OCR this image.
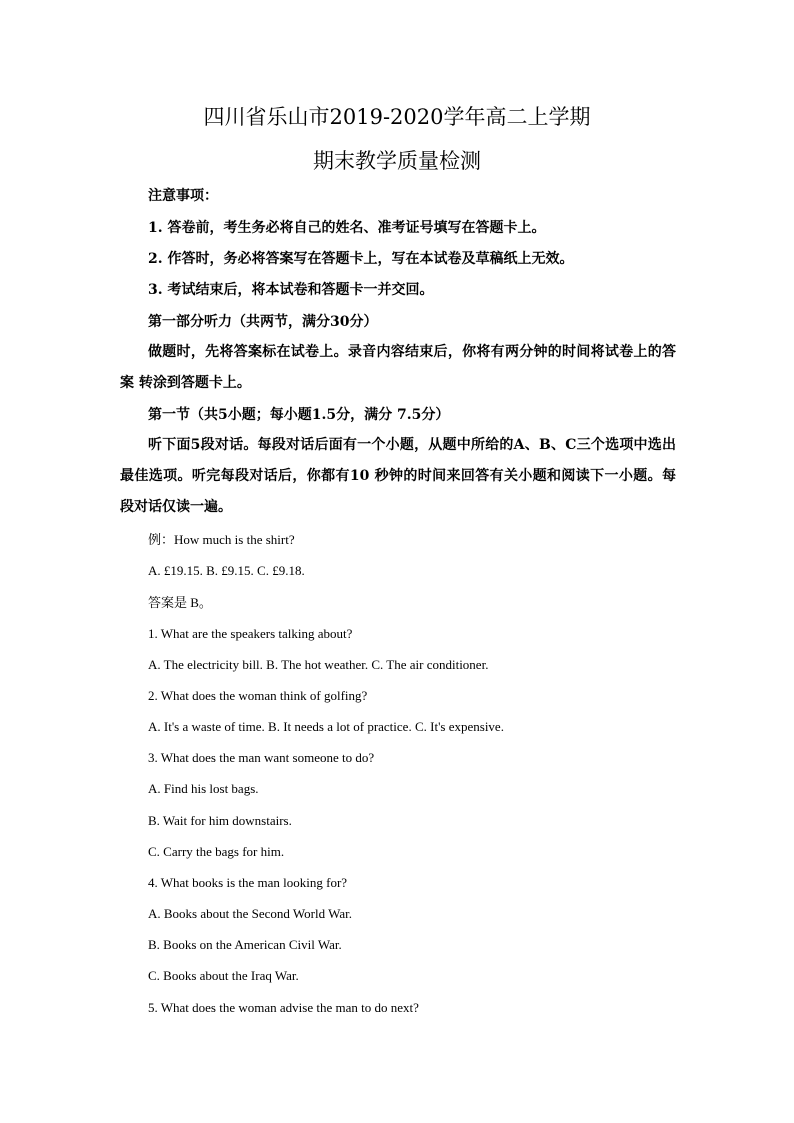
四川省乐山市2019-2020学年高二上学期
期末教学质量检测
注意事项：
1. 答卷前，考生务必将自己的姓名、准考证号填写在答题卡上。
2. 作答时，务必将答案写在答题卡上，写在本试卷及草稿纸上无效。
3. 考试结束后，将本试卷和答题卡一并交回。
第一部分听力（共两节，满分30分）
做题时，先将答案标在试卷上。录音内容结束后，你将有两分钟的时间将试卷上的答案 转涂到答题卡上。
第一节（共5小题；每小题1.5分，满分 7.5分）
听下面5段对话。每段对话后面有一个小题，从题中所给的A、B、C三个选项中选出最佳选项。听完每段对话后，你都有10 秒钟的时间来回答有关小题和阅读下一小题。每段对话仅读一遍。
例：How much is the shirt?
A. £19.15. B. £9.15. C. £9.18.
答案是 B。
1. What are the speakers talking about?
A. The electricity bill. B. The hot weather. C. The air conditioner.
2. What does the woman think of golfing?
A. It's a waste of time. B. It needs a lot of practice. C. It's expensive.
3. What does the man want someone to do?
A. Find his lost bags.
B. Wait for him downstairs.
C. Carry the bags for him.
4. What books is the man looking for?
A. Books about the Second World War.
B. Books on the American Civil War.
C. Books about the Iraq War.
5. What does the woman advise the man to do next?
